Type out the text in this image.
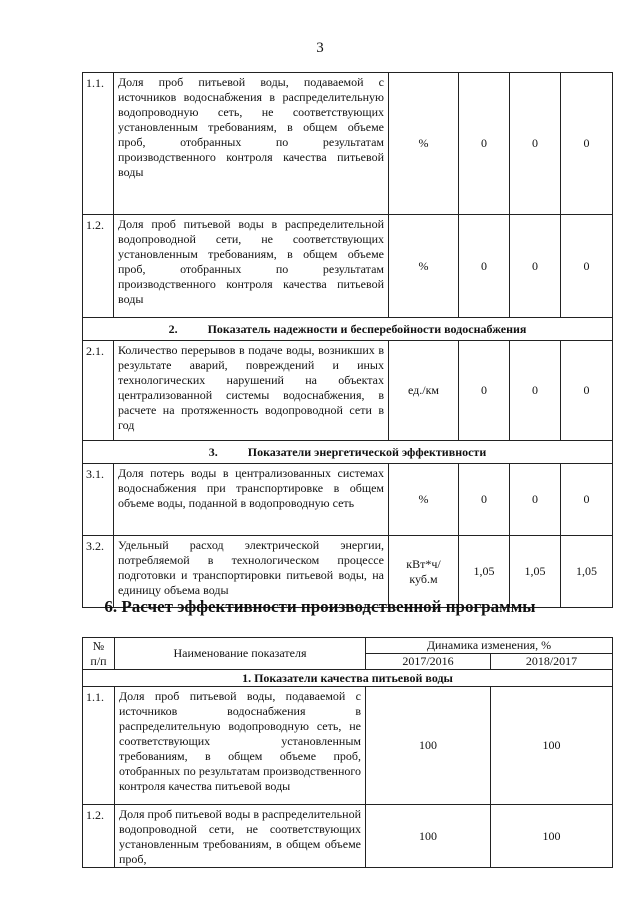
3
1.1.	Доля проб питьевой воды, подаваемой с источников водоснабжения в распределительную водопроводную сеть, не соответствующих установленным требованиям, в общем объеме проб, отобранных по результатам производственного контроля качества питьевой воды	%	0	0	0
1.2.	Доля проб питьевой воды в распределительной водопроводной сети, не соответствующих установленным требованиям, в общем объеме проб, отобранных по результатам производственного контроля качества питьевой воды	%	0	0	0
2. Показатель надежности и бесперебойности водоснабжения					
2.1.	Количество перерывов в подаче воды, возникших в результате аварий, повреждений и иных технологических нарушений на объектах централизованной системы водоснабжения, в расчете на протяженность водопроводной сети в год	ед./км	0	0	0
3. Показатели энергетической эффективности					
3.1.	Доля потерь воды в централизованных системах водоснабжения при транспортировке в общем объеме воды, поданной в водопроводную сеть	%	0	0	0
3.2.	Удельный расход электрической энергии, потребляемой в технологическом процессе подготовки и транспортировки питьевой воды, на единицу объема воды	кВт*ч/ куб.м	1,05	1,05	1,05
6. Расчет эффективности производственной программы
№ п/п	Наименование показателя	Динамика изменения, %	
		2017/2016	2018/2017
1. Показатели качества питьевой воды			
1.1.	Доля проб питьевой воды, подаваемой с источников водоснабжения в распределительную водопроводную сеть, не соответствующих установленным требованиям, в общем объеме проб, отобранных по результатам производственного контроля качества питьевой воды	100	100
1.2.	Доля проб питьевой воды в распределительной водопроводной сети, не соответствующих установленным требованиям, в общем объеме проб,	100	100
